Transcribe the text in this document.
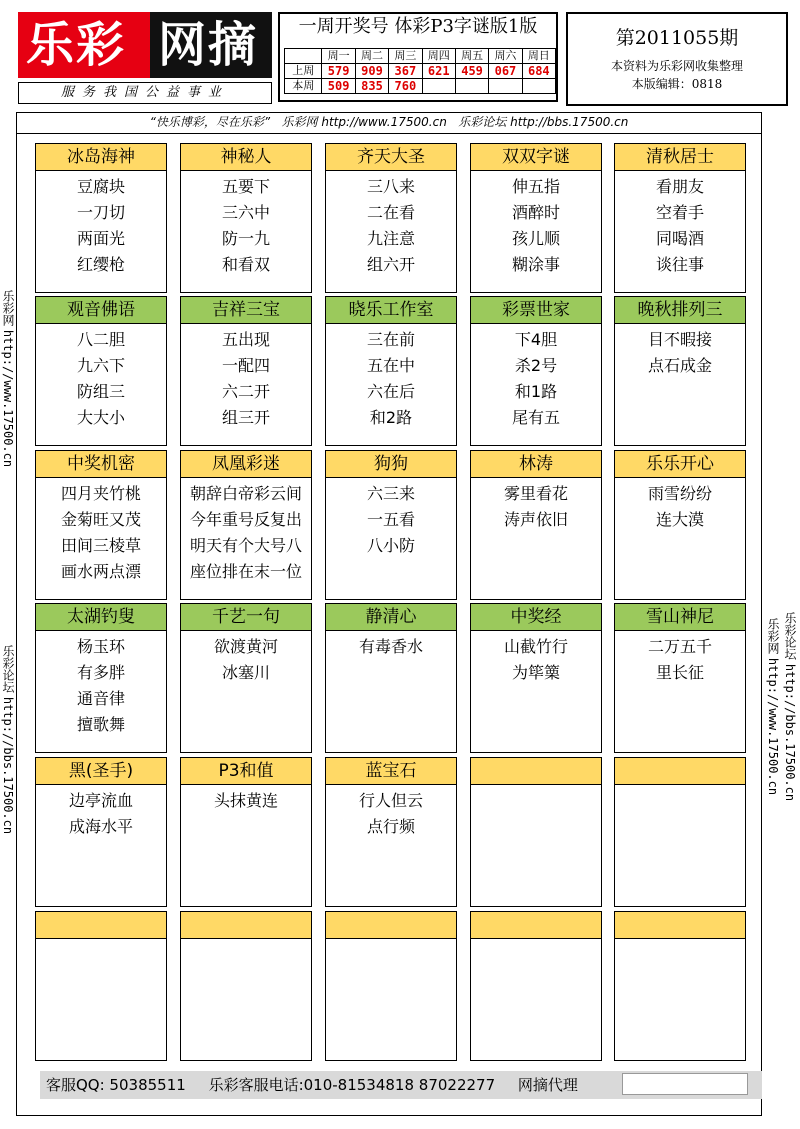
乐彩 网摘
服务我国公益事业
一周开奖号 体彩P3字谜版1版
	周一	周二	周三	周四	周五	周六	周日
上周	579	909	367	621	459	067	684
本周	509	835	760				
第2011055期
本资料为乐彩网收集整理
本版编辑：0818
“快乐博彩，尽在乐彩” 乐彩网 http://www.17500.cn 乐彩论坛 http://bbs.17500.cn
乐彩网 http://www.17500.cn
乐彩论坛 http://bbs.17500.cn
乐彩网 http://www.17500.cn
乐彩论坛 http://bbs.17500.cn
冰岛海神
豆腐块
一刀切
两面光
红缨枪
神秘人
五要下
三六中
防一九
和看双
齐天大圣
三八来
二在看
九注意
组六开
双双字谜
伸五指
酒醉时
孩儿顺
糊涂事
清秋居士
看朋友
空着手
同喝酒
谈往事
观音佛语
八二胆
九六下
防组三
大大小
吉祥三宝
五出现
一配四
六二开
组三开
晓乐工作室
三在前
五在中
六在后
和2路
彩票世家
下4胆
杀2号
和1路
尾有五
晚秋排列三
目不暇接
点石成金
中奖机密
四月夹竹桃
金菊旺又茂
田间三棱草
画水两点漂
凤凰彩迷
朝辞白帝彩云间
今年重号反复出
明天有个大号八
座位排在末一位
狗狗
六三来
一五看
八小防
林涛
雾里看花
涛声依旧
乐乐开心
雨雪纷纷
连大漠
太湖钓叟
杨玉环
有多胖
通音律
擅歌舞
千艺一句
欲渡黄河
冰塞川
静清心
有毒香水
中奖经
山截竹行
为筚篥
雪山神尼
二万五千
里长征
黑(圣手)
边亭流血
成海水平
P3和值
头抹黄连
蓝宝石
行人但云
点行频
客服QQ: 50385511 乐彩客服电话:010-81534818 87022277 网摘代理
